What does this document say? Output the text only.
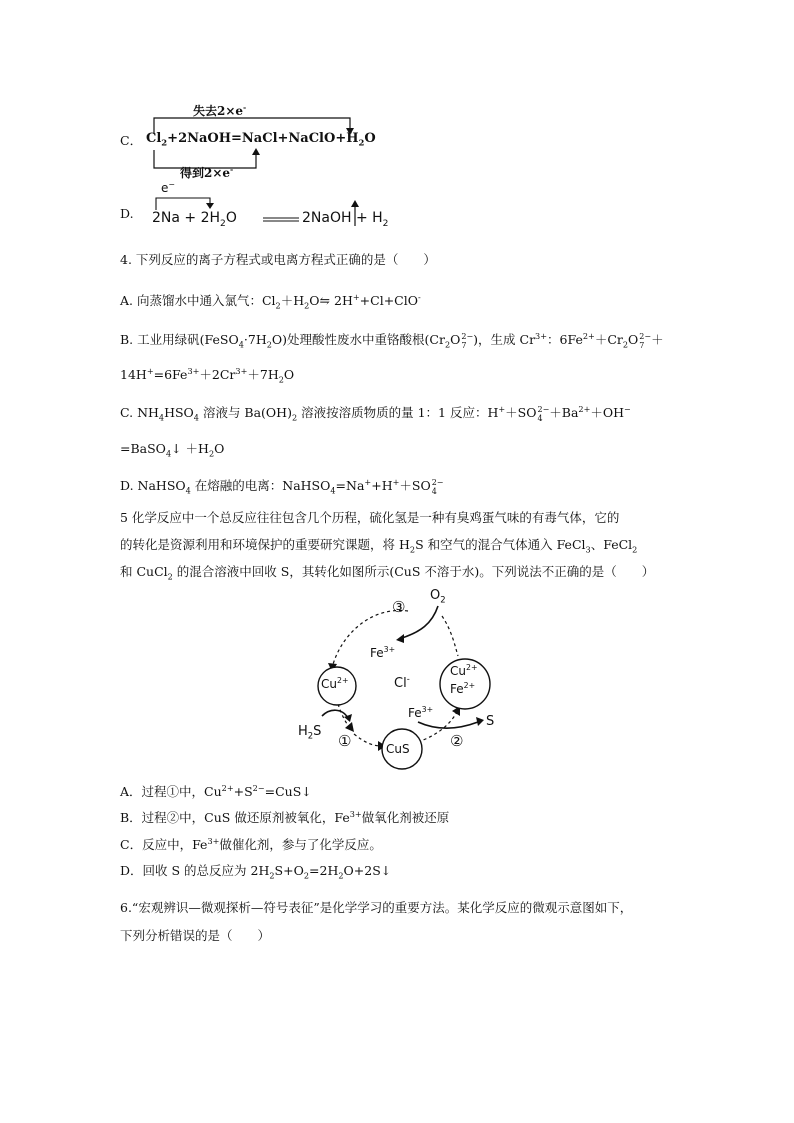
C．
失去2×e-
$Cl_2+2NaOH=NaCl+NaClO+H_2O$
得到2×e-
D.
e−
$2Na + 2H_2O$	2NaOH + $H_2$
4. 下列反应的离子方程式或电离方程式正确的是（　　）
A. 向蒸馏水中通入氯气：$Cl_2+H_2O⇋$ 2H++Cl+ClO-
B. 工业用绿矾$(FeSO_4\cdot 7H_2O)$处理酸性废水中重铬酸根($Cr_2O$ 2−
7 )，生成 $Cr^{3+}$：$6Fe^{2+}+Cr_2O$ 2−
7 ＋
$14H^+=6Fe^{3+}+2Cr^{3+}+7H_2O$
C. $NH_4HSO_4$ 溶液与 $Ba(OH)_2$ 溶液按溶质物质的量 1：1 反应：H+＋SO 2−
$4 +Ba^{2+}+OH^-$
=BaSO$_4$↓ $+H_2O$
D. NaHSO$_4$ 在熔融的电离：NaHSO$_4$=Na++H+＋SO 2−
4
5 化学反应中一个总反应往往包含几个历程，硫化氢是一种有臭鸡蛋气味的有毒气体，它的
的转化是资源利用和环境保护的重要研究课题，将 $H_2S$ 和空气的混合气体通入 FeCl$_3$、FeCl$_2$
和 CuCl$_2$ 的混合溶液中回收 S，其转化如图所示(CuS 不溶于水)。下列说法不正确的是（　　）
$O_2$
③
$Fe^{3+}$
$Cu^{2+}$	Cl-
$Cu^{2+}$
$Fe^{2+}$
$Fe^{3+}$
S
$H_2S$
①	CuS	②
A．过程①中，$Cu^{2+}+S^{2-}=CuS↓$
B．过程②中，CuS 做还原剂被氧化，$Fe^{3+}$做氧化剂被还原
C．反应中，$Fe^{3+}$做催化剂，参与了化学反应。
D．回收 S 的总反应为 $2H_2S+O_2=2H_2O+2S↓$
6.“宏观辨识—微观探析—符号表征”是化学学习的重要方法。某化学反应的微观示意图如下，
下列分析错误的是（　　）
